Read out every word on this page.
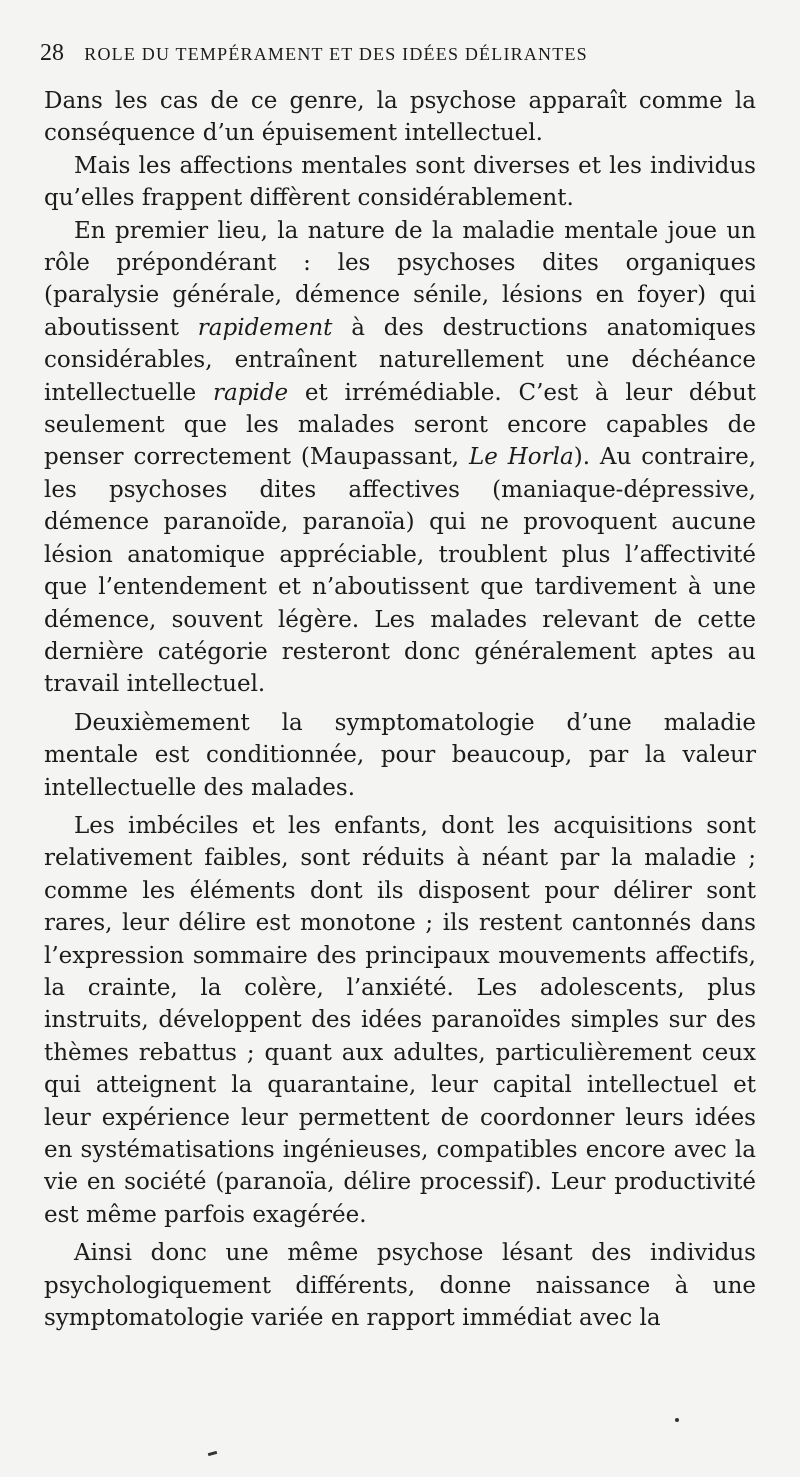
28 ROLE DU TEMPÉRAMENT ET DES IDÉES DÉLIRANTES

Dans les cas de ce genre, la psychose apparaît comme la conséquence d’un épuisement intellectuel.

Mais les affections mentales sont diverses et les individus qu’elles frappent diffèrent considérablement.

En premier lieu, la nature de la maladie mentale joue un rôle prépondérant : les psychoses dites organiques (paralysie générale, démence sénile, lésions en foyer) qui aboutissent rapidement à des destructions anatomiques considérables, entraînent naturellement une déchéance intellectuelle rapide et irrémédiable. C’est à leur début seulement que les malades seront encore capables de penser correctement (Maupassant, Le Horla). Au contraire, les psychoses dites affectives (maniaque-dépressive, démence paranoïde, paranoïa) qui ne provoquent aucune lésion anatomique appréciable, troublent plus l’affectivité que l’entendement et n’aboutissent que tardivement à une démence, souvent légère. Les malades relevant de cette dernière catégorie resteront donc généralement aptes au travail intellectuel.

Deuxièmement la symptomatologie d’une maladie mentale est conditionnée, pour beaucoup, par la valeur intellectuelle des malades.

Les imbéciles et les enfants, dont les acquisitions sont relativement faibles, sont réduits à néant par la maladie ; comme les éléments dont ils disposent pour délirer sont rares, leur délire est monotone ; ils restent cantonnés dans l’expression sommaire des principaux mouvements affectifs, la crainte, la colère, l’anxiété. Les adolescents, plus instruits, développent des idées paranoïdes simples sur des thèmes rebattus ; quant aux adultes, particulièrement ceux qui atteignent la quarantaine, leur capital intellectuel et leur expérience leur permettent de coordonner leurs idées en systématisations ingénieuses, compatibles encore avec la vie en société (paranoïa, délire processif). Leur productivité est même parfois exagérée.

Ainsi donc une même psychose lésant des individus psychologiquement différents, donne naissance à une symptomatologie variée en rapport immédiat avec la
